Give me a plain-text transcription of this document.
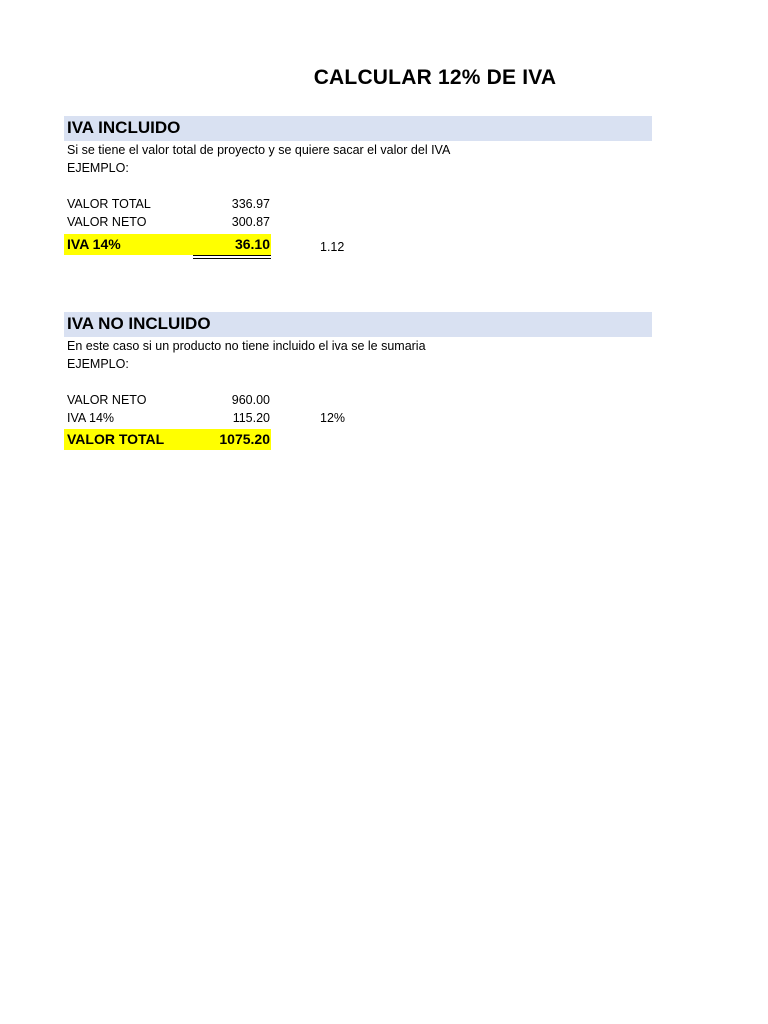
CALCULAR 12% DE IVA
IVA INCLUIDO
Si se tiene el valor total de proyecto y se quiere sacar el valor del IVA
EJEMPLO:
VALOR TOTAL	336.97
VALOR NETO	300.87
IVA 14%	36.10	1.12
IVA NO INCLUIDO
En este caso si un producto no tiene incluido el iva se le sumaria
EJEMPLO:
VALOR NETO	960.00
IVA 14%	115.20	12%
VALOR TOTAL	1075.20
